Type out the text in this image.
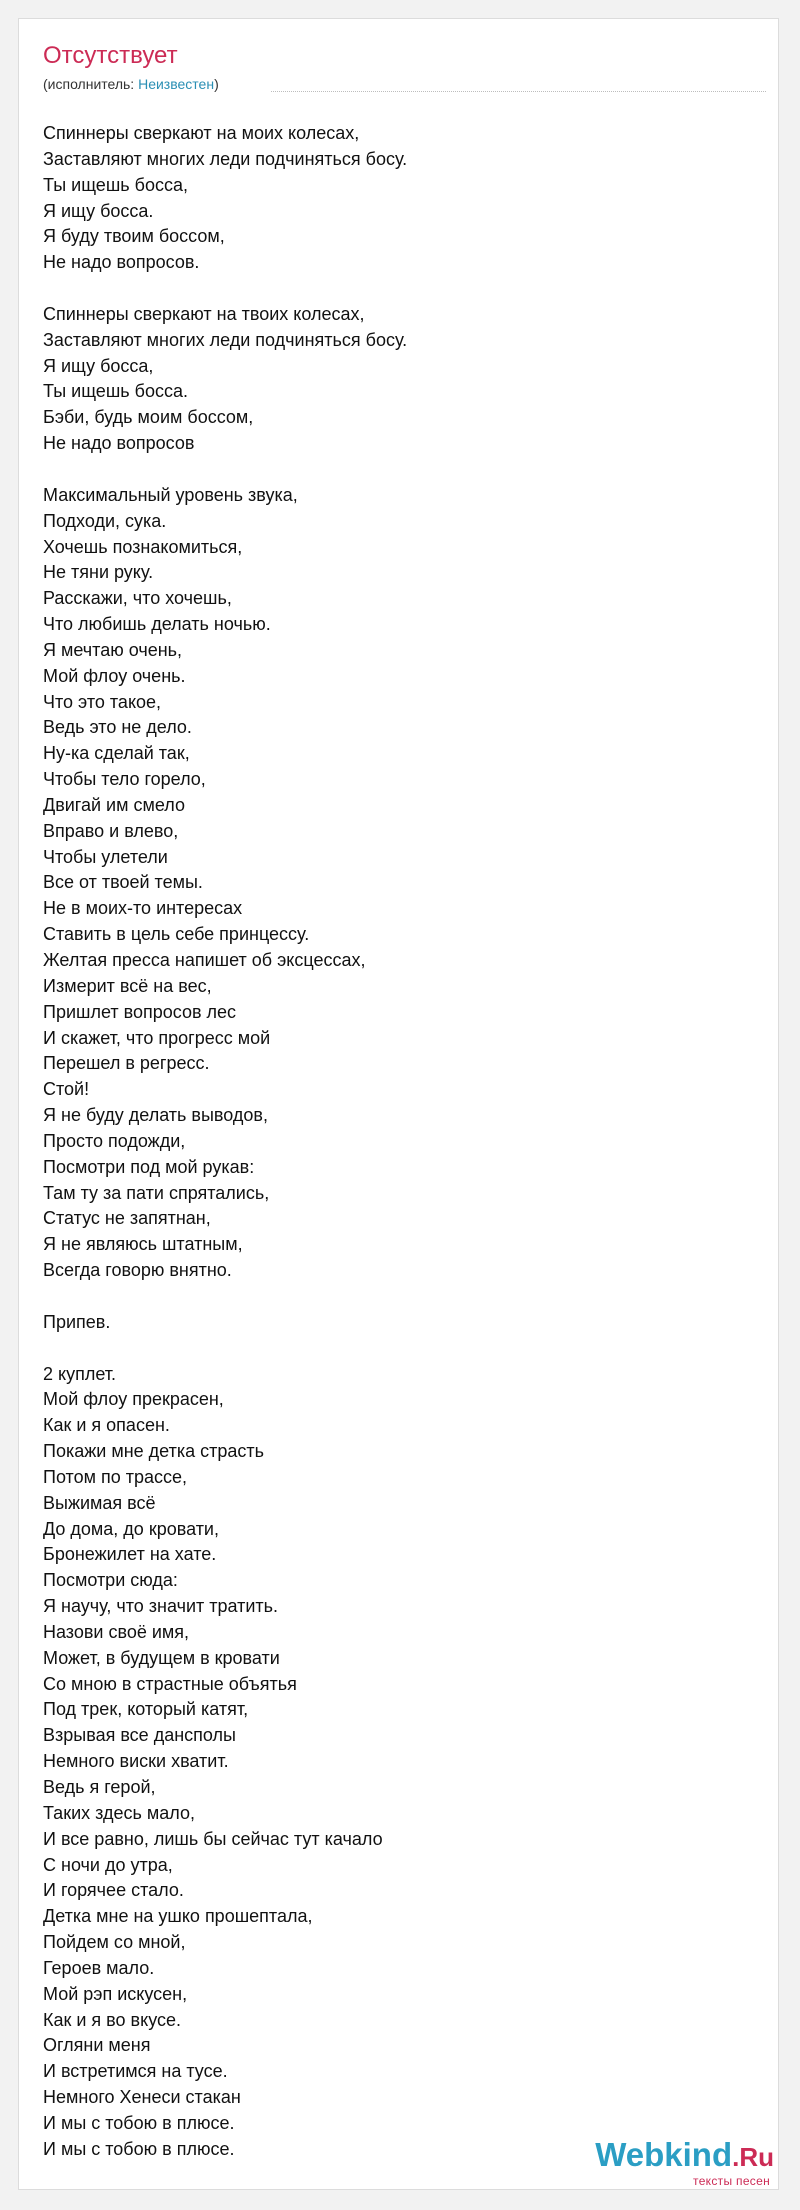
Отсутствует
(исполнитель: Неизвестен)
Спиннеры сверкают на моих колесах,
Заставляют многих леди подчиняться босу.
Ты ищешь босса,
Я ищу босса.
Я буду твоим боссом,
Не надо вопросов.
Спиннеры сверкают на твоих колесах,
Заставляют многих леди подчиняться босу.
Я ищу босса,
Ты ищешь босса.
Бэби, будь моим боссом,
Не надо вопросов
Максимальный уровень звука,
Подходи, сука.
Хочешь познакомиться,
Не тяни руку.
Расскажи, что хочешь,
Что любишь делать ночью.
Я мечтаю очень,
Мой флоу очень.
Что это такое,
Ведь это не дело.
Ну-ка сделай так,
Чтобы тело горело,
Двигай им смело
Вправо и влево,
Чтобы улетели
Все от твоей темы.
Не в моих-то интересах
Ставить в цель себе принцессу.
Желтая пресса напишет об эксцессах,
Измерит всё на вес,
Пришлет вопросов лес
И скажет, что прогресс мой
Перешел в регресс.
Стой!
Я не буду делать выводов,
Просто подожди,
Посмотри под мой рукав:
Там ту за пати спрятались,
Статус не запятнан,
Я не являюсь штатным,
Всегда говорю внятно.
Припев.
2 куплет.
Мой флоу прекрасен,
Как и я опасен.
Покажи мне детка страсть
Потом по трассе,
Выжимая всё
До дома, до кровати,
Бронежилет на хате.
Посмотри сюда:
Я научу, что значит тратить.
Назови своё имя,
Может, в будущем в кровати
Со мною в страстные объятья
Под трек, который катят,
Взрывая все дансполы
Немного виски хватит.
Ведь я герой,
Таких здесь мало,
И все равно, лишь бы сейчас тут качало
С ночи до утра,
И горячее стало.
Детка мне на ушко прошептала,
Пойдем со мной,
Героев мало.
Мой рэп искусен,
Как и я во вкусе.
Огляни меня
И встретимся на тусе.
Немного Хенеси стакан
И мы с тобою в плюсе.
И мы с тобою в плюсе.	Webkind.Ru
тексты песен
